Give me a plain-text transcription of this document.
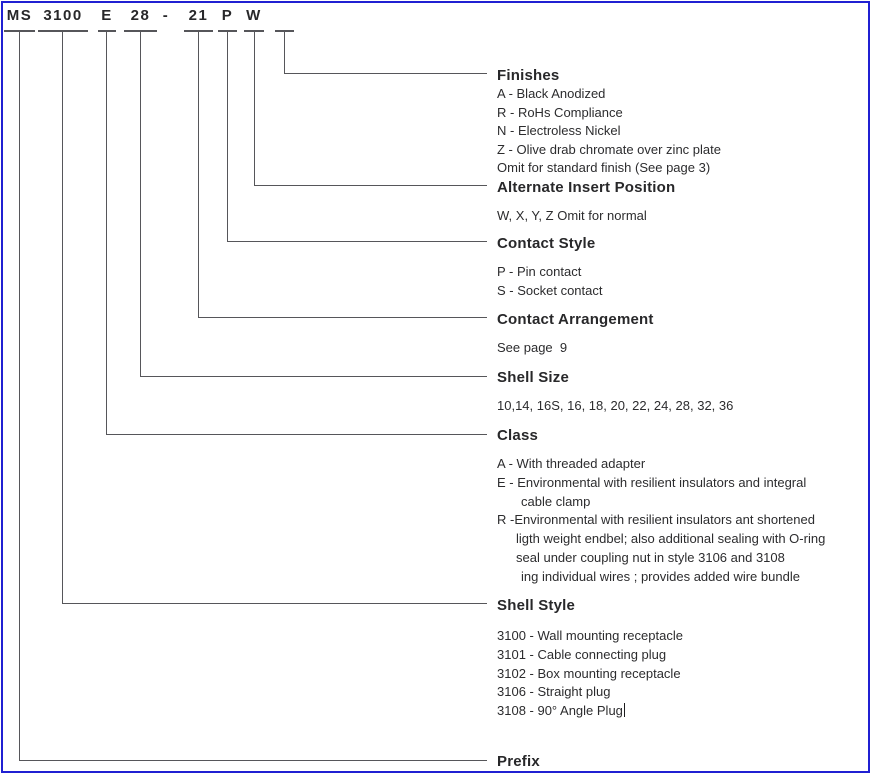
MS 3100	E	28 -	21 P W
Finishes
A - Black Anodized
R - RoHs Compliance
N - Electroless Nickel
Z - Olive drab chromate over zinc plate
Omit for standard finish (See page 3)
Alternate Insert Position
W, X, Y, Z Omit for normal
Contact Style
P - Pin contact
S - Socket contact
Contact Arrangement
See page  9
Shell Size
10,14, 16S, 16, 18, 20, 22, 24, 28, 32, 36
Class
A - With threaded adapter
E - Environmental with resilient insulators and integral
cable clamp
R -Environmental with resilient insulators ant shortened
ligth weight endbel; also additional sealing with O-ring
seal under coupling nut in style 3106 and 3108
ing individual wires ; provides added wire bundle
Shell Style
3100 - Wall mounting receptacle
3101 - Cable connecting plug
3102 - Box mounting receptacle
3106 - Straight plug
3108 - 90° Angle Plug
Prefix
